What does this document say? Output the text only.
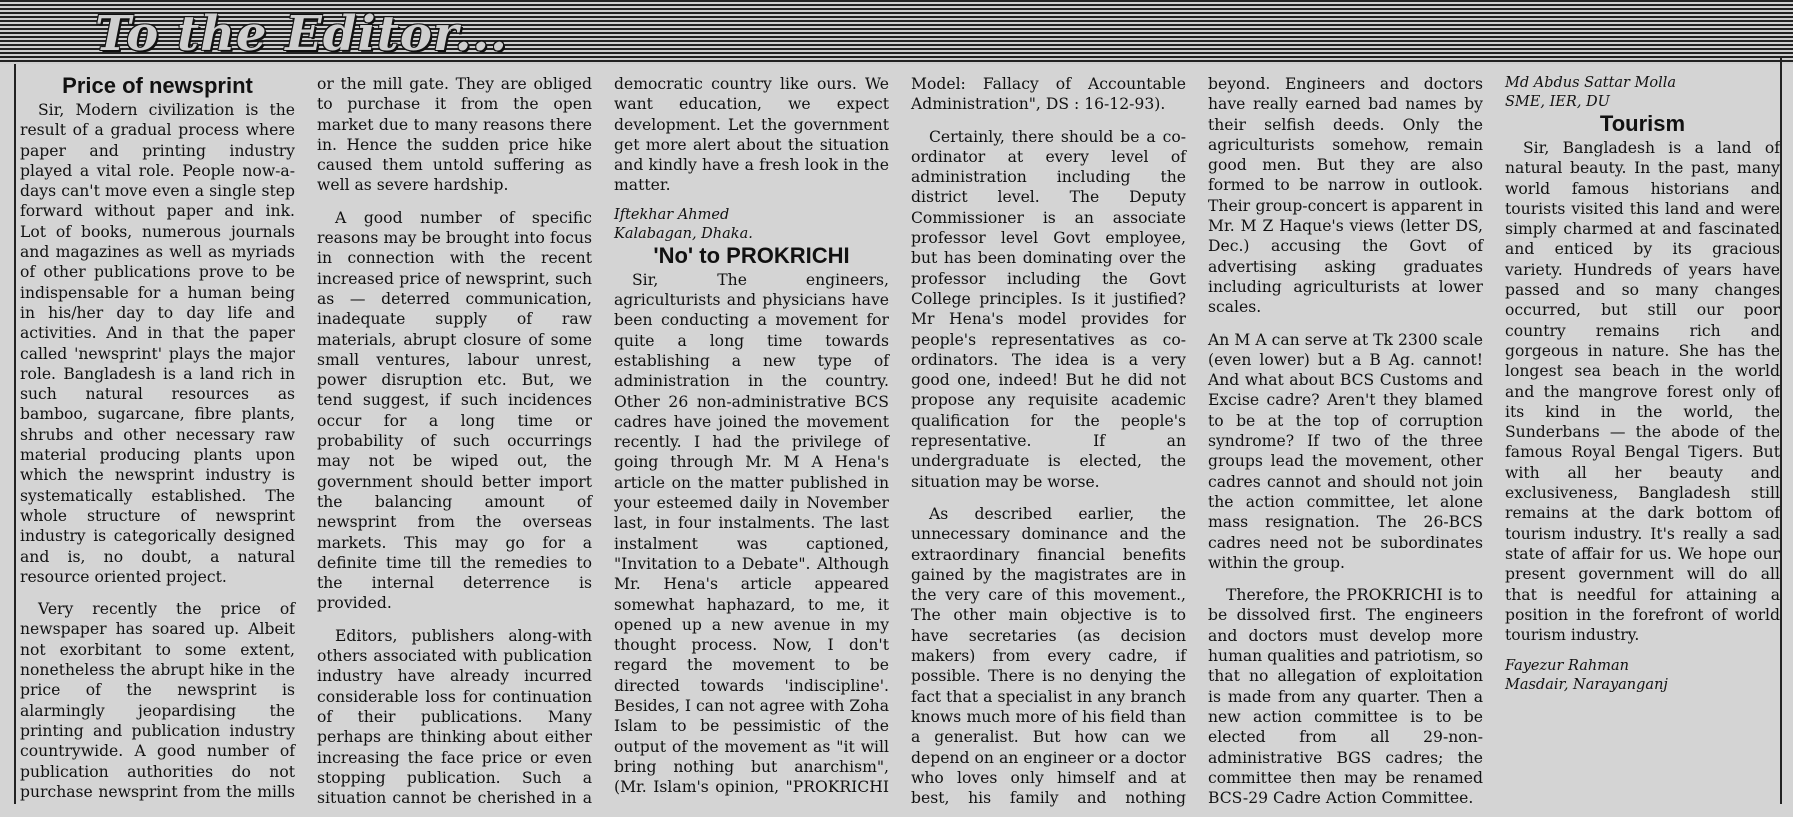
To the Editor...
Price of newsprint

Sir, Modern civilization is the result of a gradual process where paper and printing industry played a vital role. People now-a-days can't move even a single step forward without paper and ink. Lot of books, numerous journals and magazines as well as myriads of other publications prove to be indispensable for a human being in his/her day to day life and activities. And in that the paper called 'newsprint' plays the major role. Bangladesh is a land rich in such natural resources as bamboo, sugarcane, fibre plants, shrubs and other necessary raw material producing plants upon which the newsprint industry is systematically established. The whole structure of newsprint industry is categorically designed and is, no doubt, a natural resource oriented project.

Very recently the price of newspaper has soared up. Albeit not exorbitant to some extent, nonetheless the abrupt hike in the price of the newsprint is alarmingly jeopardising the printing and publication industry countrywide. A good number of publication authorities do not purchase newsprint from the mills or the mill gate. They are obliged to purchase it from the open market due to many reasons there in. Hence the sudden price hike caused them untold suffering as well as severe hardship.

A good number of specific reasons may be brought into focus in connection with the recent increased price of newsprint, such as — deterred communication, inadequate supply of raw materials, abrupt closure of some small ventures, labour unrest, power disruption etc. But, we tend suggest, if such incidences occur for a long time or probability of such occurrings may not be wiped out, the government should better import the balancing amount of newsprint from the overseas markets. This may go for a definite time till the remedies to the internal deterrence is provided.

Editors, publishers along-with others associated with publication industry have already incurred considerable loss for continuation of their publications. Many perhaps are thinking about either increasing the face price or even stopping publication. Such a situation cannot be cherished in a democratic country like ours. We want education, we expect development. Let the government get more alert about the situation and kindly have a fresh look in the matter.

Iftekhar Ahmed
Kalabagan, Dhaka.
'No' to PROKRICHI

Sir, The engineers, agriculturists and physicians have been conducting a movement for quite a long time towards establishing a new type of administration in the country. Other 26 non-administrative BCS cadres have joined the movement recently. I had the privilege of going through Mr. M A Hena's article on the matter published in your esteemed daily in November last, in four instalments. The last instalment was captioned, "Invitation to a Debate". Although Mr. Hena's article appeared somewhat haphazard, to me, it opened up a new avenue in my thought process. Now, I don't regard the movement to be directed towards 'indiscipline'. Besides, I can not agree with Zoha Islam to be pessimistic of the output of the movement as "it will bring nothing but anarchism", (Mr. Islam's opinion, "PROKRICHI Model: Fallacy of Accountable Administration", DS : 16-12-93).

Certainly, there should be a co-ordinator at every level of administration including the district level. The Deputy Commissioner is an associate professor level Govt employee, but has been dominating over the professor including the Govt College principles. Is it justified? Mr Hena's model provides for people's representatives as co-ordinators. The idea is a very good one, indeed! But he did not propose any requisite academic qualification for the people's representative. If an undergraduate is elected, the situation may be worse.

As described earlier, the unnecessary dominance and the extraordinary financial benefits gained by the magistrates are in the very care of this movement., The other main objective is to have secretaries (as decision makers) from every cadre, if possible. There is no denying the fact that a specialist in any branch knows much more of his field than a generalist. But how can we depend on an engineer or a doctor who loves only himself and at best, his family and nothing beyond. Engineers and doctors have really earned bad names by their selfish deeds. Only the agriculturists somehow, remain good men. But they are also formed to be narrow in outlook. Their group-concert is apparent in Mr. M Z Haque's views (letter DS, Dec.) accusing the Govt of advertising asking graduates including agriculturists at lower scales.

An M A can serve at Tk 2300 scale (even lower) but a B Ag. cannot! And what about BCS Customs and Excise cadre? Aren't they blamed to be at the top of corruption syndrome? If two of the three groups lead the movement, other cadres cannot and should not join the action committee, let alone mass resignation. The 26-BCS cadres need not be subordinates within the group.

Therefore, the PROKRICHI is to be dissolved first. The engineers and doctors must develop more human qualities and patriotism, so that no allegation of exploitation is made from any quarter. Then a new action committee is to be elected from all 29-non-administrative BGS cadres; the committee then may be renamed BCS-29 Cadre Action Committee.

Md Abdus Sattar Molla
SME, IER, DU
Tourism

Sir, Bangladesh is a land of natural beauty. In the past, many world famous historians and tourists visited this land and were simply charmed at and fascinated and enticed by its gracious variety. Hundreds of years have passed and so many changes occurred, but still our poor country remains rich and gorgeous in nature. She has the longest sea beach in the world and the mangrove forest only of its kind in the world, the Sunderbans — the abode of the famous Royal Bengal Tigers. But with all her beauty and exclusiveness, Bangladesh still remains at the dark bottom of tourism industry. It's really a sad state of affair for us. We hope our present government will do all that is needful for attaining a position in the forefront of world tourism industry.

Fayezur Rahman
Masdair, Narayanganj
